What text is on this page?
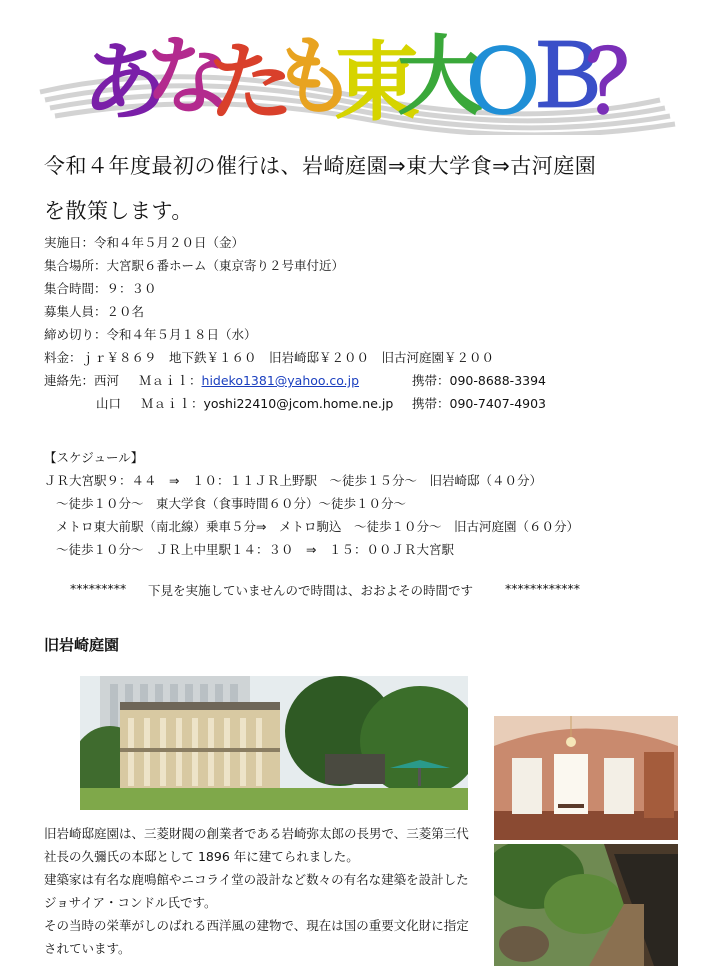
あ
な
た
も
東
大
Ｏ
Ｂ
？
令和４年度最初の催行は、岩崎庭園⇒東大学食⇒古河庭園
を散策します。
実施日：令和４年５月２０日（金）
集合場所：大宮駅６番ホーム（東京寄り２号車付近）
集合時間：９：３０
募集人員：２０名
締め切り：令和４年５月１８日（水）
料金：ｊｒ￥８６９　地下鉄￥１６０　旧岩崎邸￥２００　旧古河庭園￥２００
連絡先：西河 Ｍａｉｌ：hideko1381@yahoo.co.jp	携帯：090-8688-3394
山口 Ｍａｉｌ：yoshi22410@jcom.home.ne.jp 携帯：090-7407-4903
【スケジュール】
ＪＲ大宮駅９：４４　⇒　１０：１１ＪＲ上野駅　～徒歩１５分～　旧岩崎邸（４０分）
～徒歩１０分～　東大学食（食事時間６０分）～徒歩１０分～
メトロ東大前駅（南北線）乗車５分⇒　メトロ駒込　～徒歩１０分～　旧古河庭園（６０分）
～徒歩１０分～　ＪＲ上中里駅１４：３０　⇒　１５：００ＪＲ大宮駅
********* 下見を実施していませんので時間は、おおよその時間です	************
旧岩崎庭園
旧岩崎邸庭園は、三菱財閥の創業者である岩崎弥太郎の長男で、三菱第三代
社長の久彌氏の本邸として 1896 年に建てられました。
建築家は有名な鹿鳴館やニコライ堂の設計など数々の有名な建築を設計した
ジョサイア・コンドル氏です。
その当時の栄華がしのばれる西洋風の建物で、現在は国の重要文化財に指定
されています。
